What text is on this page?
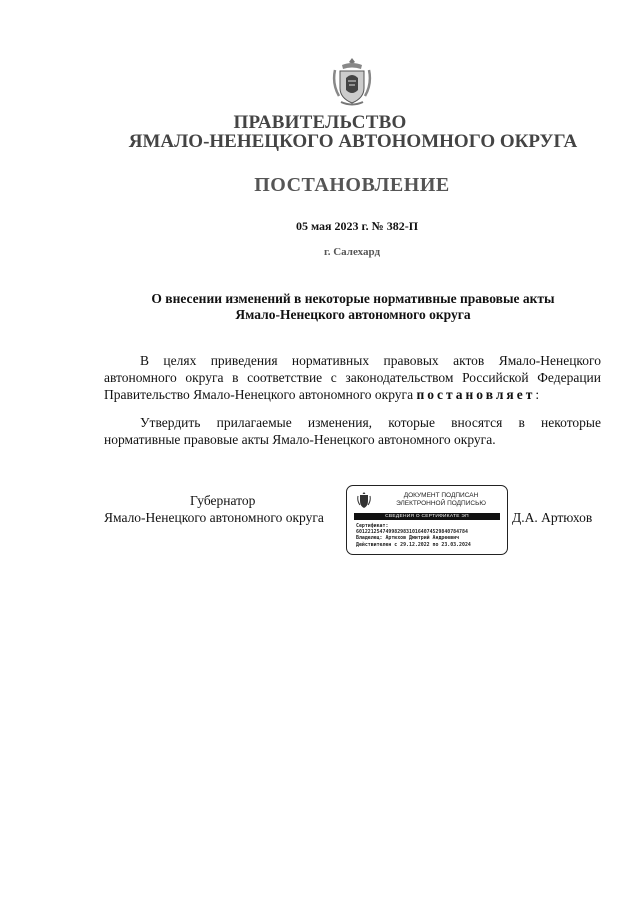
ПРАВИТЕЛЬСТВО
ЯМАЛО-НЕНЕЦКОГО АВТОНОМНОГО ОКРУГА
ПОСТАНОВЛЕНИЕ
05 мая 2023 г. № 382-П
г. Салехард
О внесении изменений в некоторые нормативные правовые акты
Ямало-Ненецкого автономного округа
В целях приведения нормативных правовых актов Ямало-Ненецкого автономного округа в соответствие с законодательством Российской Федерации Правительство Ямало-Ненецкого автономного округа постановляет:
Утвердить прилагаемые изменения, которые вносятся в некоторые нормативные правовые акты Ямало-Ненецкого автономного округа.
Губернатор
Ямало-Ненецкого автономного округа	Д.А. Артюхов
ДОКУМЕНТ ПОДПИСАН
ЭЛЕКТРОННОЙ ПОДПИСЬЮ
СВЕДЕНИЯ О СЕРТИФИКАТЕ ЭП
Сертификат:
60122125474998298310164074529840784784
Владелец: Артюхов Дмитрий Андреевич
Действителен с 29.12.2022 по 23.03.2024
